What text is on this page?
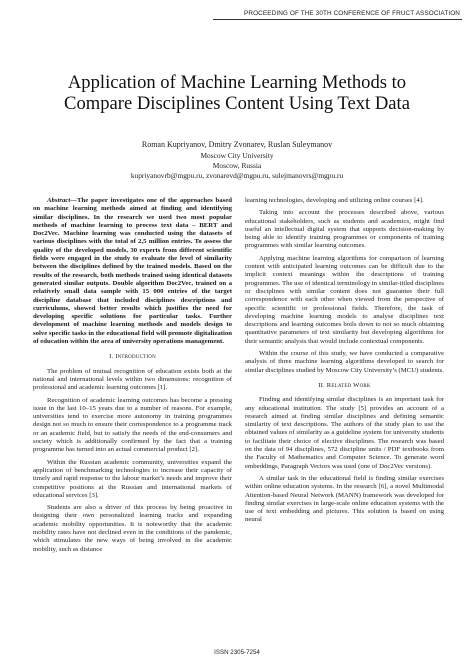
PROCEEDING OF THE 30TH CONFERENCE OF FRUCT ASSOCIATION
Application of Machine Learning Methods to
Compare Disciplines Content Using Text Data
Roman Kupriyanov, Dmitry Zvonarev, Ruslan Suleymanov
Moscow City University
Moscow, Russia
kupriyanovrb@mgpu.ru, zvonarevd@mgpu.ru, sulejmanovrs@mgpu.ru

Abstract—The paper investigates one of the approaches based on machine learning methods aimed at finding and identifying similar disciplines. In the research we used two most popular methods of machine learning to process text data – BERT and Doc2Vec. Machine learning was conducted using the datasets of various disciplines with the total of 2,5 million entries. To assess the quality of the developed models, 30 experts from different scientific fields were engaged in the study to evaluate the level of similarity between the disciplines defined by the trained models. Based on the results of the research, both methods trained using identical datasets generated similar outputs. Double algorithm Doc2Vec, trained on a relatively small data sample with 15 000 entries of the target discipline database that included disciplines descriptions and curriculums, showed better results which justifies the need for developing specific solutions for particular tasks. Further development of machine learning methods and models design to solve specific tasks in the educational field will promote digitalization of education within the area of university operations management.

I. Introduction

The problem of mutual recognition of education exists both at the national and international levels within two dimensions: recognition of professional and academic learning outcomes [1].

Recognition of academic learning outcomes has become a pressing issue in the last 10–15 years due to a number of reasons. For example, universities tend to exercise more autonomy in training programmes design not so much to ensure their correspondence to a programme track or an academic field, but to satisfy the needs of the end-consumers and society which is additionally confirmed by the fact that a training programme has turned into an actual commercial product [2].

Within the Russian academic community, universities expand the application of benchmarking technologies to increase their capacity of timely and rapid response to the labour market’s needs and improve their competitive positions at the Russian and international markets of educational services [3].

Students are also a driver of this process by being proactive in designing their own personalized learning tracks and expanding academic mobility opportunities. It is noteworthy that the academic mobility rates have not declined even in the conditions of the pandemic, which stimulates the new ways of being involved in the academic mobility, such as distance

learning technologies, developing and utilizing online courses [4].

Taking into account the processes described above, various educational stakeholders, such as students and academics, might find useful an intellectual digital system that supports decision-making by being able to identify training programmes or components of training programmes with similar learning outcomes.

Applying machine learning algorithms for comparison of learning content with anticipated learning outcomes can be difficult due to the implicit context meanings within the descriptions of training programmes. The use of identical terminology in similar-titled disciplines or disciplines with similar content does not guarantee their full correspondence with each other when viewed from the perspective of specific scientific or professional fields. Therefore, the task of developing machine learning models to analyse disciplines text descriptions and learning outcomes boils down to not so much obtaining quantitative parameters of text similarity but developing algorithms for their semantic analysis that would include contextual components.

Within the course of this study, we have conducted a comparative analysis of three machine learning algorithms developed to search for similar disciplines studied by Moscow City University’s (MCU) students.

II. Related Work

Finding and identifying similar disciplines is an important task for any educational institution. The study [5] provides an account of a research aimed at finding similar disciplines and defining semantic similarity of text descriptions. The authors of the study plan to use the obtained values of similarity as a guideline system for university students to facilitate their choice of elective disciplines. The research was based on the data of 94 disciplines, 572 discipline units / PDF textbooks from the Faculty of Mathematics and Computer Science. To generate word embeddings, Paragraph Vectors was used (one of Doc2Vec versions).

A similar task in the educational field is finding similar exercises within online education systems. In the research [6], a novel Multimodal Attention-based Neural Network (MANN) framework was developed for finding similar exercises in large-scale online education systems with the use of text embedding and pictures. This solution is based on using neural

ISSN 2305-7254
